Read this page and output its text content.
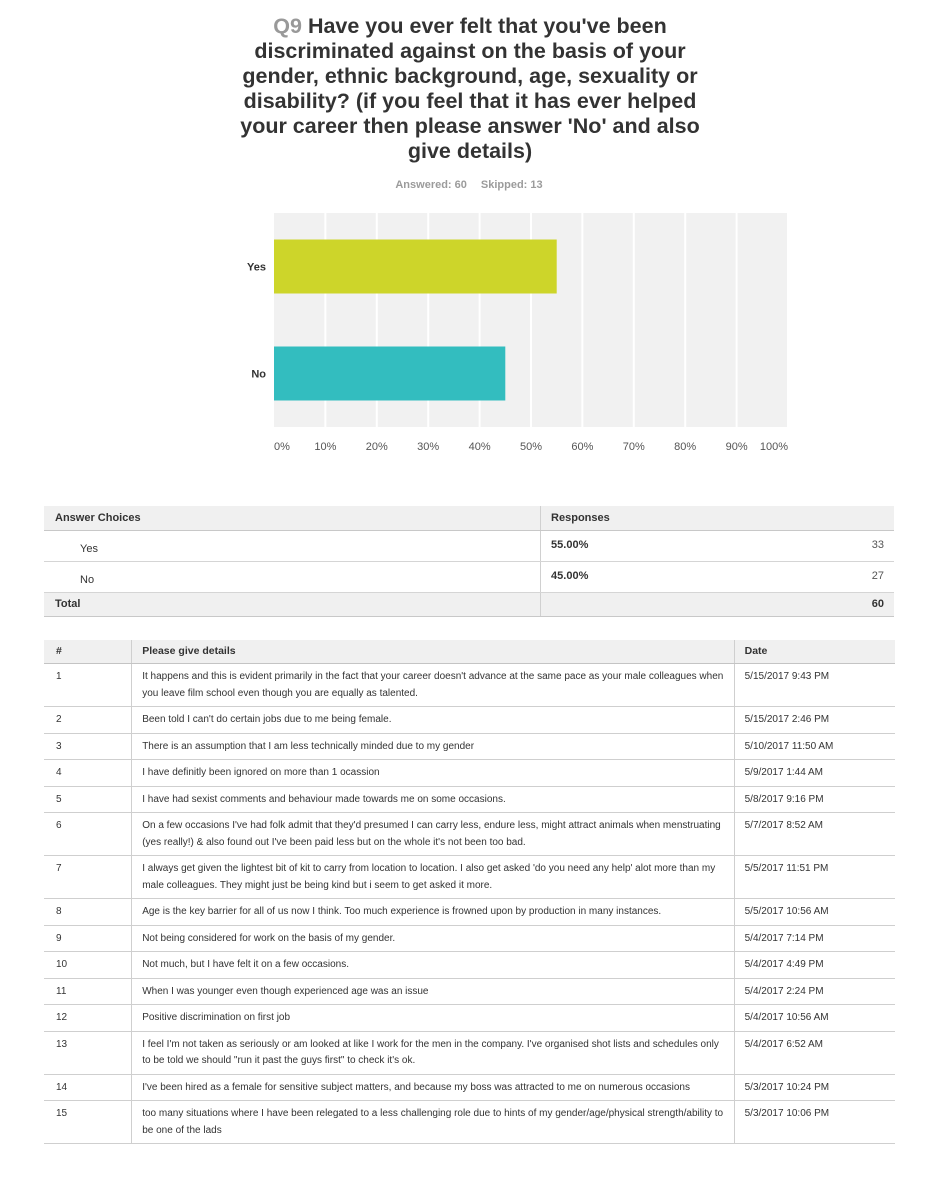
Q9 Have you ever felt that you've been discriminated against on the basis of your gender, ethnic background, age, sexuality or disability? (if you feel that it has ever helped your career then please answer 'No' and also give details)
Answered: 60 Skipped: 13
Yes
No
0% 10%	20%	30%	40%	50%	60%	70%	80%	90% 100%
Answer Choices	Responses	
Yes	55.00%	33
No	45.00%	27
Total		60
#	Please give details	Date
1	It happens and this is evident primarily in the fact that your career doesn't advance at the same pace as your male colleagues when you leave film school even though you are equally as talented.	5/15/2017 9:43 PM
2	Been told I can't do certain jobs due to me being female.	5/15/2017 2:46 PM
3	There is an assumption that I am less technically minded due to my gender	5/10/2017 11:50 AM
4	I have definitly been ignored on more than 1 ocassion	5/9/2017 1:44 AM
5	I have had sexist comments and behaviour made towards me on some occasions.	5/8/2017 9:16 PM
6	On a few occasions I've had folk admit that they'd presumed I can carry less, endure less, might attract animals when menstruating (yes really!) & also found out I've been paid less but on the whole it's not been too bad.	5/7/2017 8:52 AM
7	I always get given the lightest bit of kit to carry from location to location. I also get asked 'do you need any help' alot more than my male colleagues. They might just be being kind but i seem to get asked it more.	5/5/2017 11:51 PM
8	Age is the key barrier for all of us now I think. Too much experience is frowned upon by production in many instances.	5/5/2017 10:56 AM
9	Not being considered for work on the basis of my gender.	5/4/2017 7:14 PM
10	Not much, but I have felt it on a few occasions.	5/4/2017 4:49 PM
11	When I was younger even though experienced age was an issue	5/4/2017 2:24 PM
12	Positive discrimination on first job	5/4/2017 10:56 AM
13	I feel I'm not taken as seriously or am looked at like I work for the men in the company. I've organised shot lists and schedules only to be told we should "run it past the guys first" to check it's ok.	5/4/2017 6:52 AM
14	I've been hired as a female for sensitive subject matters, and because my boss was attracted to me on numerous occasions	5/3/2017 10:24 PM
15	too many situations where I have been relegated to a less challenging role due to hints of my gender/age/physical strength/ability to be one of the lads	5/3/2017 10:06 PM
